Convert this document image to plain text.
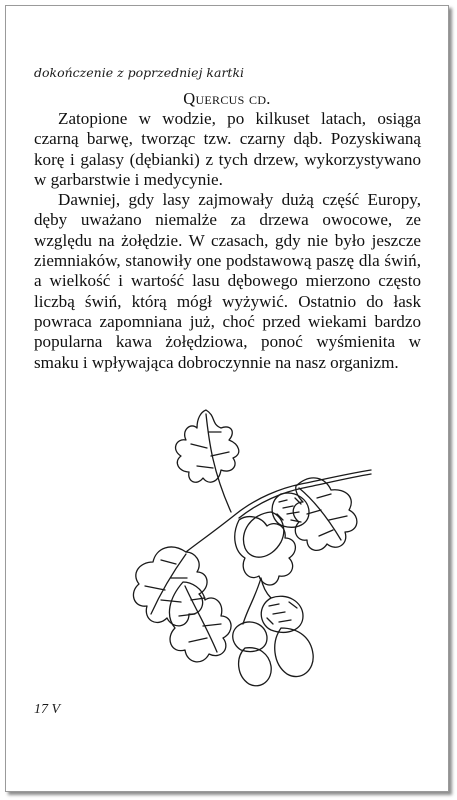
dokończenie z poprzedniej kartki
Quercus cd.

Zatopione w wodzie, po kilkuset latach, osiąga czarną barwę, tworząc tzw. czarny dąb. Pozyskiwaną korę i galasy (dębianki) z tych drzew, wykorzystywano w garbarstwie i medycynie.

Dawniej, gdy lasy zajmowały dużą część Europy, dęby uważano niemalże za drzewa owocowe, ze względu na żołędzie. W czasach, gdy nie było jeszcze ziemniaków, stanowiły one podstawową paszę dla świń, a wielkość i wartość lasu dębowego mierzono często liczbą świń, którą mógł wyżywić. Ostatnio do łask powraca zapomniana już, choć przed wiekami bardzo popularna kawa żołędziowa, ponoć wyśmienita w smaku i wpływająca dobroczynnie na nasz organizm.

17 V
